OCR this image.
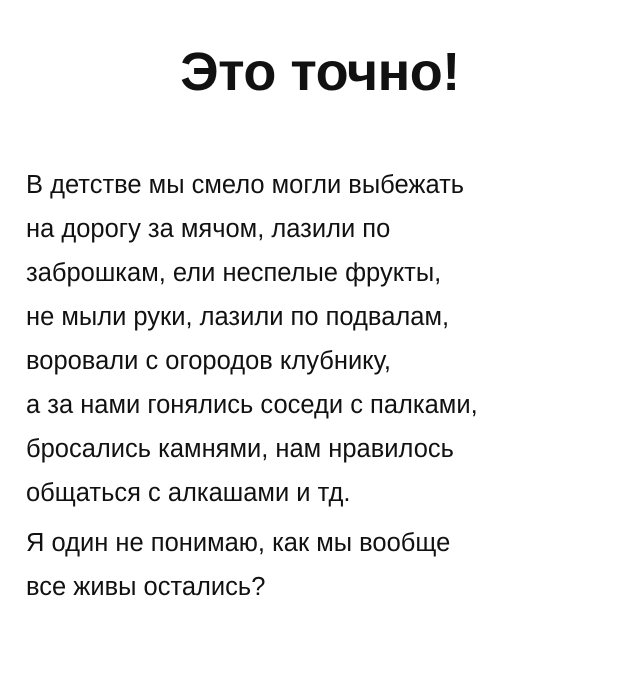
Это точно!
В детстве мы смело могли выбежать
на дорогу за мячом, лазили по
заброшкам, ели неспелые фрукты,
не мыли руки, лазили по подвалам,
воровали с огородов клубнику,
а за нами гонялись соседи с палками,
бросались камнями, нам нравилось
общаться с алкашами и тд.
Я один не понимаю, как мы вообще
все живы остались?
